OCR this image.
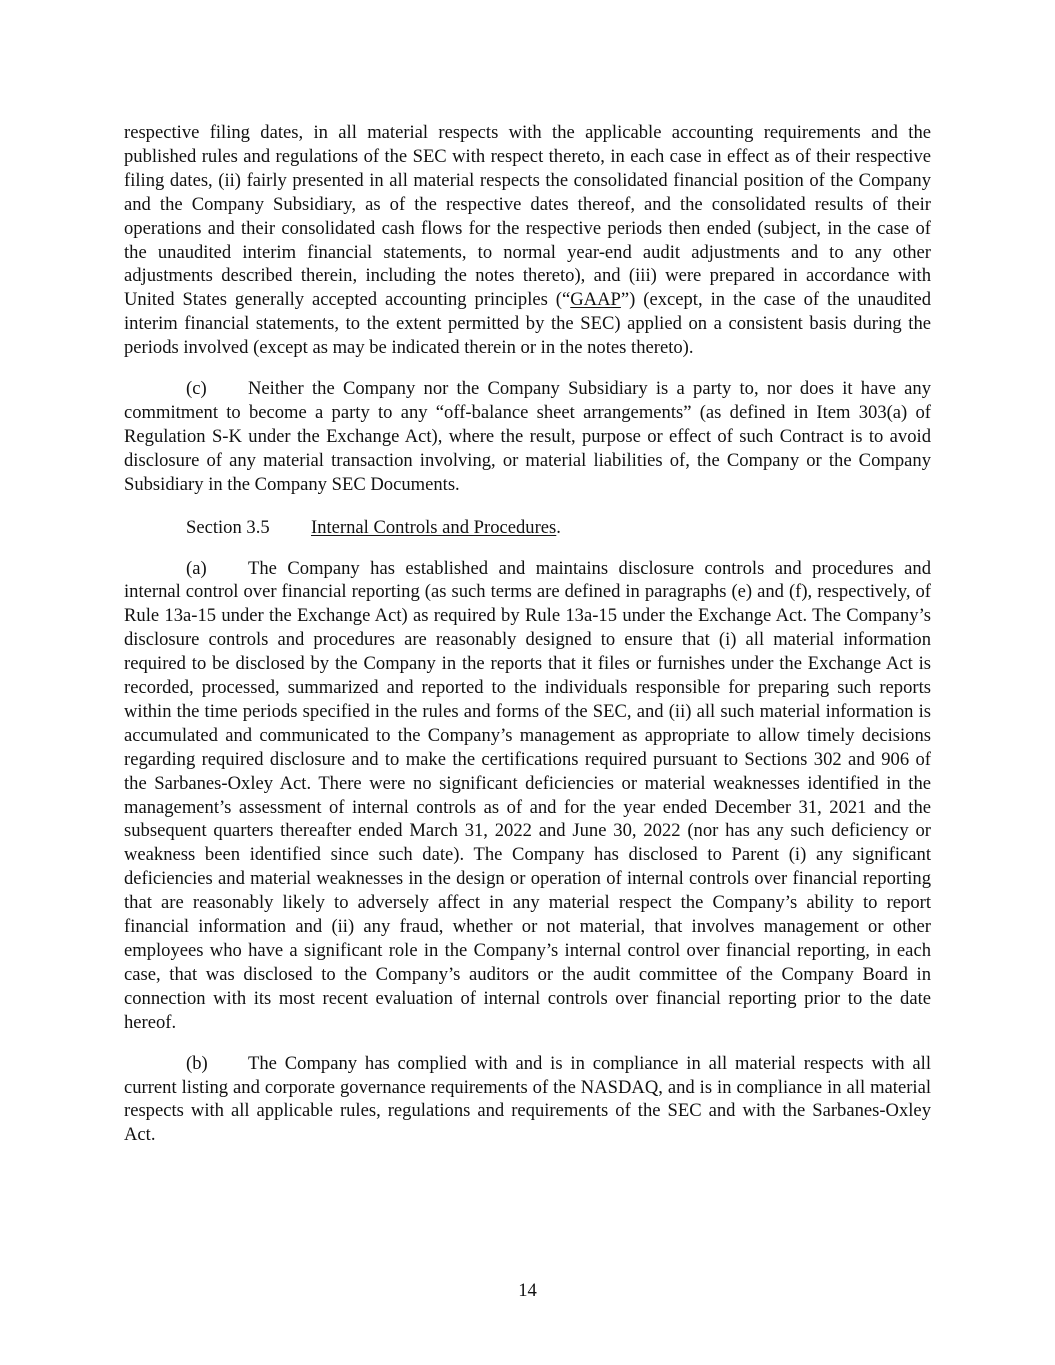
respective filing dates, in all material respects with the applicable accounting requirements and the published rules and regulations of the SEC with respect thereto, in each case in effect as of their respective filing dates, (ii) fairly presented in all material respects the consolidated financial position of the Company and the Company Subsidiary, as of the respective dates thereof, and the consolidated results of their operations and their consolidated cash flows for the respective periods then ended (subject, in the case of the unaudited interim financial statements, to normal year-end audit adjustments and to any other adjustments described therein, including the notes thereto), and (iii) were prepared in accordance with United States generally accepted accounting principles (“GAAP”) (except, in the case of the unaudited interim financial statements, to the extent permitted by the SEC) applied on a consistent basis during the periods involved (except as may be indicated therein or in the notes thereto).

(c) Neither the Company nor the Company Subsidiary is a party to, nor does it have any commitment to become a party to any “off-balance sheet arrangements” (as defined in Item 303(a) of Regulation S-K under the Exchange Act), where the result, purpose or effect of such Contract is to avoid disclosure of any material transaction involving, or material liabilities of, the Company or the Company Subsidiary in the Company SEC Documents.

Section 3.5 Internal Controls and Procedures.

(a) The Company has established and maintains disclosure controls and procedures and internal control over financial reporting (as such terms are defined in paragraphs (e) and (f), respectively, of Rule 13a-15 under the Exchange Act) as required by Rule 13a-15 under the Exchange Act. The Company’s disclosure controls and procedures are reasonably designed to ensure that (i) all material information required to be disclosed by the Company in the reports that it files or furnishes under the Exchange Act is recorded, processed, summarized and reported to the individuals responsible for preparing such reports within the time periods specified in the rules and forms of the SEC, and (ii) all such material information is accumulated and communicated to the Company’s management as appropriate to allow timely decisions regarding required disclosure and to make the certifications required pursuant to Sections 302 and 906 of the Sarbanes-Oxley Act. There were no significant deficiencies or material weaknesses identified in the management’s assessment of internal controls as of and for the year ended December 31, 2021 and the subsequent quarters thereafter ended March 31, 2022 and June 30, 2022 (nor has any such deficiency or weakness been identified since such date). The Company has disclosed to Parent (i) any significant deficiencies and material weaknesses in the design or operation of internal controls over financial reporting that are reasonably likely to adversely affect in any material respect the Company’s ability to report financial information and (ii) any fraud, whether or not material, that involves management or other employees who have a significant role in the Company’s internal control over financial reporting, in each case, that was disclosed to the Company’s auditors or the audit committee of the Company Board in connection with its most recent evaluation of internal controls over financial reporting prior to the date hereof.

(b) The Company has complied with and is in compliance in all material respects with all current listing and corporate governance requirements of the NASDAQ, and is in compliance in all material respects with all applicable rules, regulations and requirements of the SEC and with the Sarbanes-Oxley Act.

14
